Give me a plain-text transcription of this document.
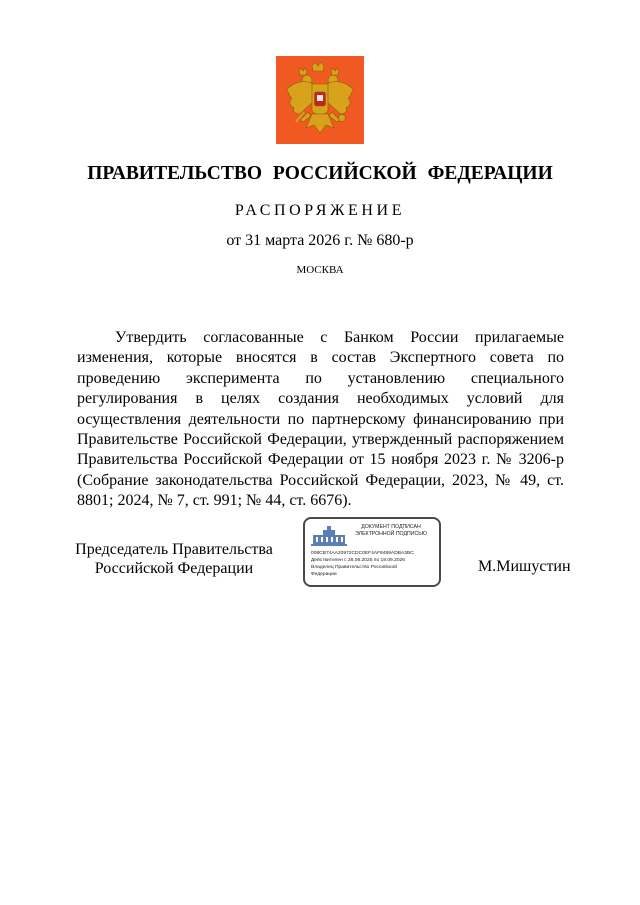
ПРАВИТЕЛЬСТВО РОССИЙСКОЙ ФЕДЕРАЦИИ

РАСПОРЯЖЕНИЕ

от 31 марта 2026 г. № 680-р

МОСКВА

Утвердить согласованные с Банком России прилагаемые изменения, которые вносятся в состав Экспертного совета по проведению эксперимента по установлению специального регулирования в целях создания необходимых условий для осуществления деятельности по партнерскому финансированию при Правительстве Российской Федерации, утвержденный распоряжением Правительства Российской Федерации от 15 ноября 2023 г. № 3206-р (Собрание законодательства Российской Федерации, 2023, № 49, ст. 8801; 2024, № 7, ст. 991; № 44, ст. 6676).

Председатель Правительства
Российской Федерации
ДОКУМЕНТ ПОДПИСАН
ЭЛЕКТРОННОЙ ПОДПИСЬЮ
008CB74AA20972CDC0EF4AF8489ADBA3BC
Действителен с 26.06.2025 по 19.09.2026
Владелец Правительство Российской
Федерации	М.Мишустин
